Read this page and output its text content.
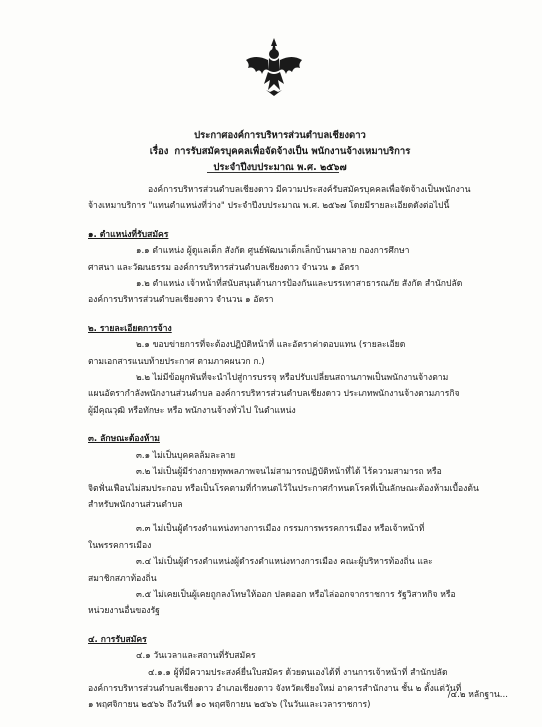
ประกาศองค์การบริหารส่วนตำบลเชียงดาว
เรื่อง การรับสมัครบุคคลเพื่อจัดจ้างเป็น พนักงานจ้างเหมาบริการ
ประจำปีงบประมาณ พ.ศ. ๒๕๖๗

องค์การบริหารส่วนตำบลเชียงดาว มีความประสงค์รับสมัครบุคคลเพื่อจัดจ้างเป็นพนักงาน

จ้างเหมาบริการ "แทนตำแหน่งที่ว่าง" ประจำปีงบประมาณ พ.ศ. ๒๕๖๗ โดยมีรายละเอียดดังต่อไปนี้

๑. ตำแหน่งที่รับสมัคร

๑.๑ ตำแหน่ง ผู้ดูแลเด็ก สังกัด ศูนย์พัฒนาเด็กเล็กบ้านผาลาย กองการศึกษา

ศาสนา และวัฒนธรรม องค์การบริหารส่วนตำบลเชียงดาว จำนวน ๑ อัตรา

๑.๒ ตำแหน่ง เจ้าหน้าที่สนับสนุนด้านการป้องกันและบรรเทาสาธารณภัย สังกัด สำนักปลัด

องค์การบริหารส่วนตำบลเชียงดาว จำนวน ๑ อัตรา

๒. รายละเอียดการจ้าง

๒.๑ ขอบข่ายการที่จะต้องปฏิบัติหน้าที่ และอัตราค่าตอบแทน (รายละเอียด

ตามเอกสารแนบท้ายประกาศ ตามภาคผนวก ก.)

๒.๒ ไม่มีข้อผูกพันที่จะนำไปสู่การบรรจุ หรือปรับเปลี่ยนสถานภาพเป็นพนักงานจ้างตาม

แผนอัตรากำลังพนักงานส่วนตำบล องค์การบริหารส่วนตำบลเชียงดาว ประเภทพนักงานจ้างตามภารกิจ

ผู้มีคุณวุฒิ หรือทักษะ หรือ พนักงานจ้างทั่วไป ในตำแหน่ง

๓. ลักษณะต้องห้าม

๓.๑ ไม่เป็นบุคคลล้มละลาย

๓.๒ ไม่เป็นผู้มีร่างกายทุพพลภาพจนไม่สามารถปฏิบัติหน้าที่ได้ ไร้ความสามารถ หรือ

จิตฟั่นเฟือนไม่สมประกอบ หรือเป็นโรคตามที่กำหนดไว้ในประกาศกำหนดโรคที่เป็นลักษณะต้องห้ามเบื้องต้น

สำหรับพนักงานส่วนตำบล

๓.๓ ไม่เป็นผู้ดำรงตำแหน่งทางการเมือง กรรมการพรรคการเมือง หรือเจ้าหน้าที่

ในพรรคการเมือง

๓.๔ ไม่เป็นผู้ดำรงตำแหน่งผู้ดำรงตำแหน่งทางการเมือง คณะผู้บริหารท้องถิ่น และ

สมาชิกสภาท้องถิ่น

๓.๕ ไม่เคยเป็นผู้เคยถูกลงโทษให้ออก ปลดออก หรือไล่ออกจากราชการ รัฐวิสาหกิจ หรือ

หน่วยงานอื่นของรัฐ

๔. การรับสมัคร

๔.๑ วันเวลาและสถานที่รับสมัคร

๔.๑.๑ ผู้ที่มีความประสงค์ยื่นใบสมัคร ด้วยตนเองได้ที่ งานการเจ้าหน้าที่ สำนักปลัด

องค์การบริหารส่วนตำบลเชียงดาว อำเภอเชียงดาว จังหวัดเชียงใหม่ อาคารสำนักงาน ชั้น ๒ ตั้งแต่วันที่

๑ พฤศจิกายน ๒๕๖๖ ถึงวันที่ ๑๐ พฤศจิกายน ๒๕๖๖ (ในวันและเวลาราชการ)

/๔.๒ หลักฐาน...
